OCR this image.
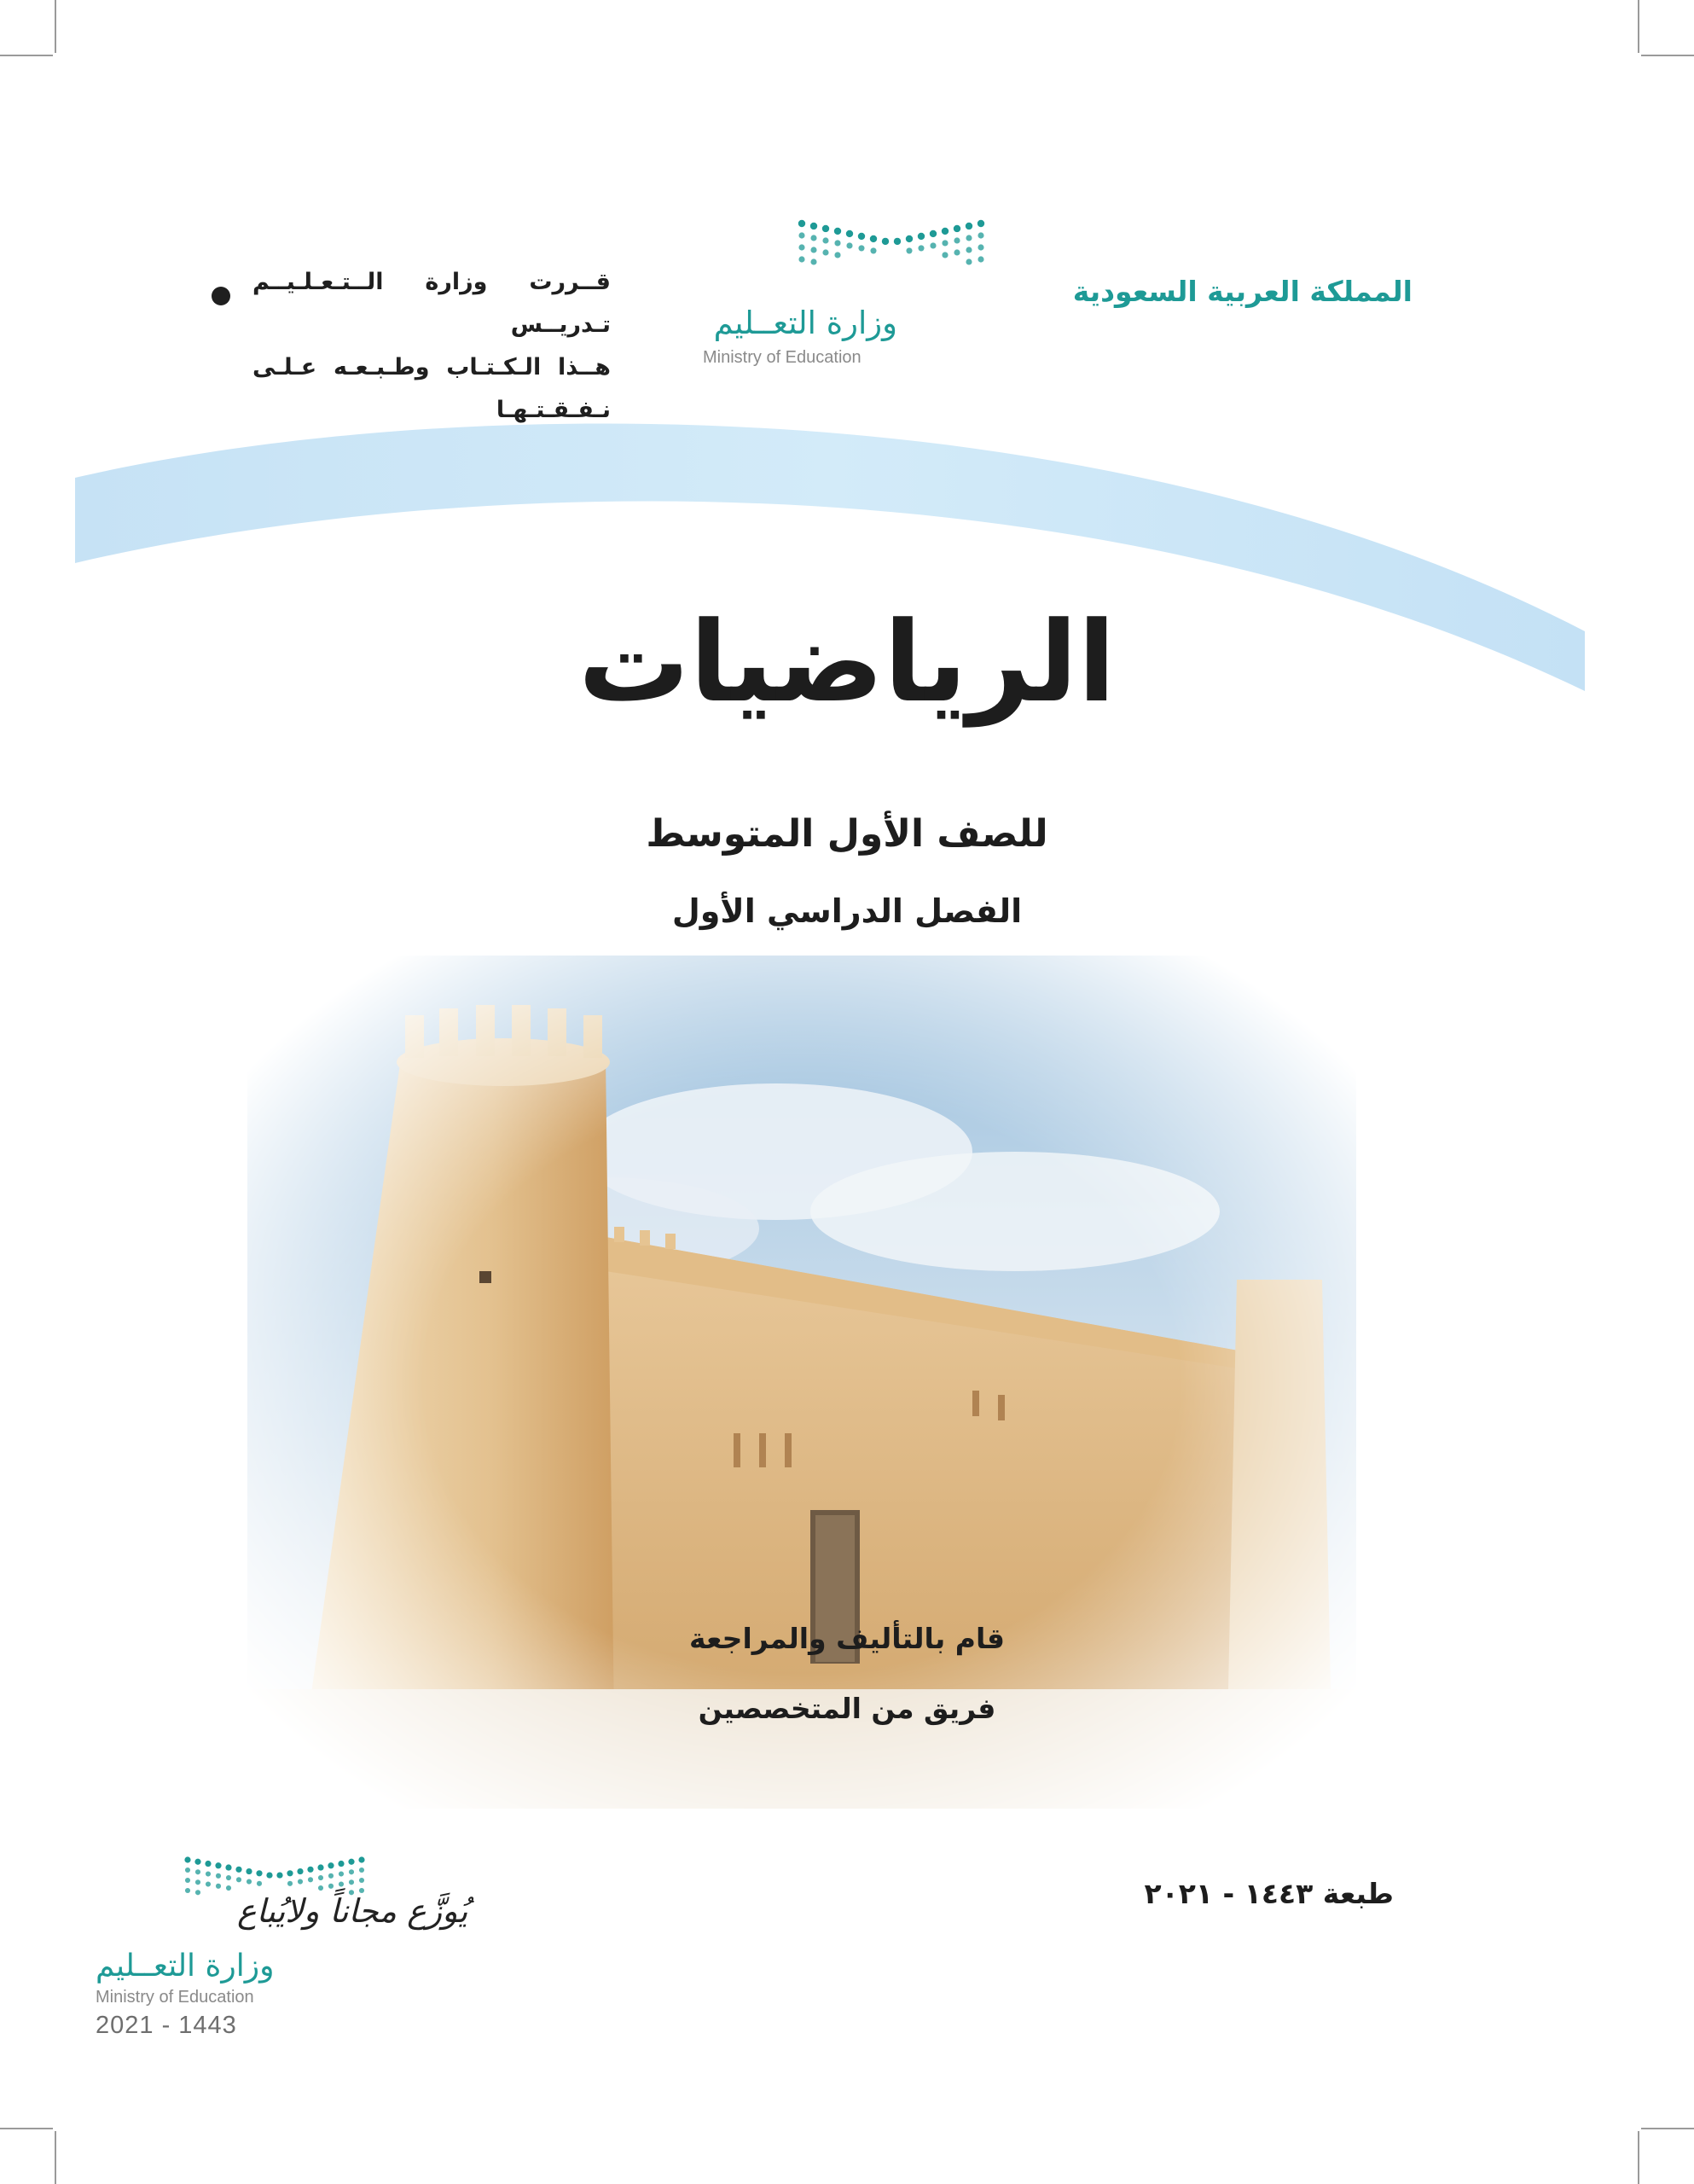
المملكة العربية السعودية
وزارة التعــليم
Ministry of Education
قــررت وزارة الــتـعـلـيــم تـدريــس
هــذا الـكـتـاب وطـبـعـه عـلـى نـفـقـتـهـا
الرياضيات
للصف الأول المتوسط
الفصل الدراسي الأول
قام بالتأليف والمراجعة
فريق من المتخصصين
طبعة ١٤٤٣ - ٢٠٢١
يُوزَّع مجاناً ولايُباع
وزارة التعــليم
Ministry of Education
2021 - 1443
